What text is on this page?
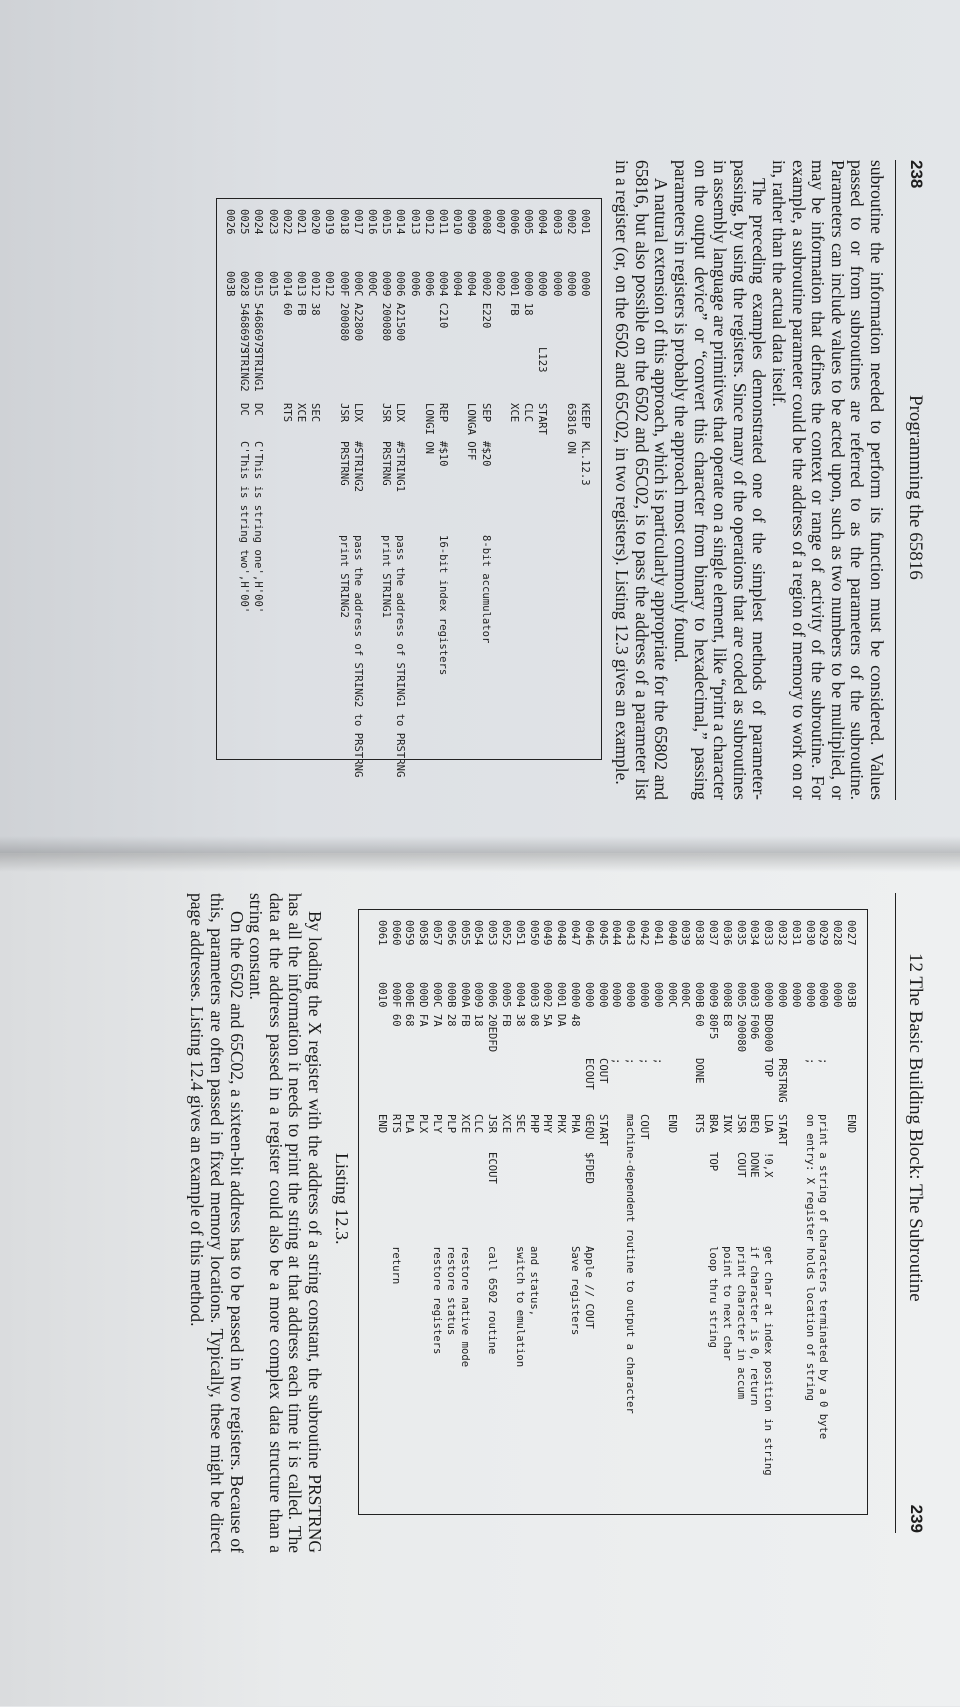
238
Programming the 65816

subroutine the information needed to perform its function must be considered. Values passed to or from subroutines are referred to as the parameters of the subroutine. Parameters can include values to be acted upon, such as two numbers to be multiplied, or may be information that defines the context or range of activity of the subroutine. For example, a subroutine parameter could be the address of a region of memory to work on or in, rather than the actual data itself.

The preceding examples demonstrated one of the simplest methods of parameter-passing, by using the registers. Since many of the operations that are coded as subroutines in assembly language are primitives that operate on a single element, like “print a character on the output device” or “convert this character from binary to hexadecimal,” passing parameters in registers is probably the approach most commonly found.

A natural extension of this approach, which is particularly appropriate for the 65802 and 65816, but also possible on the 6502 and 65C02, is to pass the address of a parameter list in a register (or, on the 6502 and 65C02, in two registers). Listing 12.3 gives an example.

0001
0000
KEEP
KL.12.3
0002
0000
65816 ON
0003
0000
0004
0000
L123
START
0005
0000 18
CLC
0006
0001 FB
XCE
0007
0002
0008
0002 E220
SEP
#$20
8-bit accumulator
0009
0004
LONGA OFF
0010
0004
0011
0004 C210
REP
#$10
16-bit index registers
0012
0006
LONGI ON
0013
0006
0014
0006 A21500
LDX
#STRING1
pass the address of STRING1 to PRSTRNG
0015
0009 200080
JSR
PRSTRNG
print STRING1
0016
000C
0017
000C A22800
LDX
#STRING2
pass the address of STRING2 to PRSTRNG
0018
000F 200080
JSR
PRSTRNG
print STRING2
0019
0012
0020
0012 38
SEC
0021
0013 FB
XCE
0022
0014 60
RTS
0023
0015
0024
0015 54686973
STRING1
DC
C'This is string one',H'00'
0025
0028 54686973
STRING2
DC
C'This is string two',H'00'
0026
003B
12 The Basic Building Block: The Subroutine
239
0027
003B
END
0028
0000
0029
0000
;
print a string of characters terminated by a 0 byte
0030
0000
;
on entry: X register holds location of string
0031
0000
0032
0000
PRSTRNG
START
0033
0000 BD0000
TOP
LDA
!0,X
get char at index position in string
0034
0003 F006
BEQ
DONE
if character is 0, return
0035
0005 200080
JSR
COUT
print character in accum
0036
0008 E8
INX
point to next char
0037
0009 80F5
BRA
TOP
loop thru string
0038
000B 60
DONE
RTS
0039
000C
0040
000C
END
0041
0000
;
0042
0000
;
COUT
0043
0000
;
machine-dependent routine to output a character
0044
0000
;
0045
0000
COUT
START
0046
0000
ECOUT
GEQU
$FDED
Apple // COUT
0047
0000 48
PHA
Save registers
0048
0001 DA
PHX
0049
0002 5A
PHY
0050
0003 08
PHP
and status,
0051
0004 38
SEC
switch to emulation
0052
0005 FB
XCE
0053
0006 20EDFD
JSR
ECOUT
call 6502 routine
0054
0009 18
CLC
0055
000A FB
XCE
restore native mode
0056
000B 28
PLP
restore status
0057
000C 7A
PLY
restore registers
0058
000D FA
PLX
0059
000E 68
PLA
0060
000F 60
RTS
return
0061
0010
END
Listing 12.3.

By loading the X register with the address of a string constant, the subroutine PRSTRNG has all the information it needs to print the string at that address each time it is called. The data at the address passed in a register could also be a more complex data structure than a string constant.

On the 6502 and 65C02, a sixteen-bit address has to be passed in two registers. Because of this, parameters are often passed in fixed memory locations. Typically, these might be direct page addresses. Listing 12.4 gives an example of this method.
